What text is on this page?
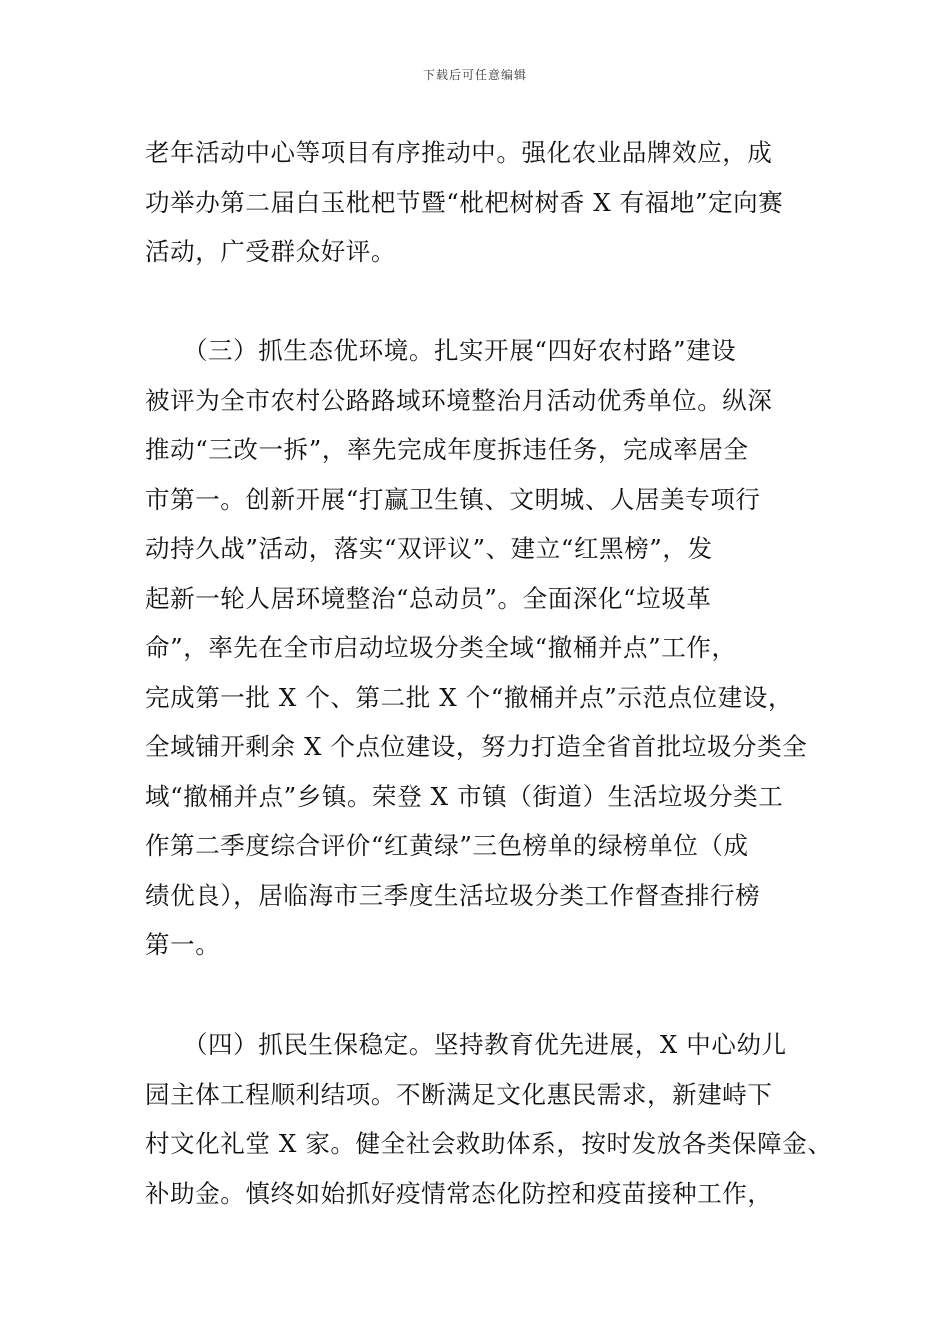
下载后可任意编辑
老年活动中心等项目有序推动中。强化农业品牌效应，成
功举办第二届白玉枇杷节暨“枇杷树树香 X 有福地”定向赛
活动，广受群众好评。
　　（三）抓生态优环境。扎实开展“四好农村路”建设
被评为全市农村公路路域环境整治月活动优秀单位。纵深
推动“三改一拆”，率先完成年度拆违任务，完成率居全
市第一。创新开展“打赢卫生镇、文明城、人居美专项行
动持久战”活动，落实“双评议”、建立“红黑榜”，发
起新一轮人居环境整治“总动员”。全面深化“垃圾革
命”，率先在全市启动垃圾分类全域“撤桶并点”工作，
完成第一批 X 个、第二批 X 个“撤桶并点”示范点位建设，
全域铺开剩余 X 个点位建设，努力打造全省首批垃圾分类全
域“撤桶并点”乡镇。荣登 X 市镇（街道）生活垃圾分类工
作第二季度综合评价“红黄绿”三色榜单的绿榜单位（成
绩优良），居临海市三季度生活垃圾分类工作督查排行榜
第一。
　　（四）抓民生保稳定。坚持教育优先进展，X 中心幼儿
园主体工程顺利结项。不断满足文化惠民需求，新建峙下
村文化礼堂 X 家。健全社会救助体系，按时发放各类保障金、
补助金。慎终如始抓好疫情常态化防控和疫苗接种工作，
